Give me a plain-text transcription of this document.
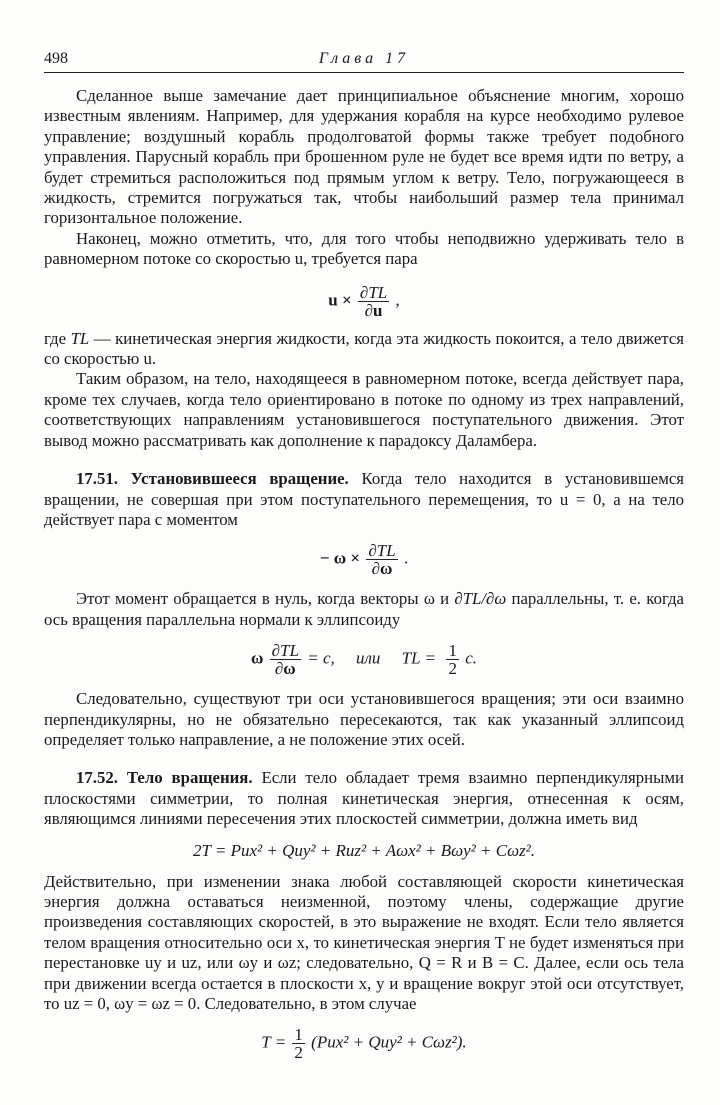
498	Глава 17

Сделанное выше замечание дает принципиальное объяснение многим, хорошо известным явлениям. Например, для удержания корабля на курсе необходимо рулевое управление; воздушный корабль продолговатой формы также требует подобного управления. Парусный корабль при брошенном руле не будет все время идти по ветру, а будет стремиться расположиться под прямым углом к ветру. Тело, погружающееся в жидкость, стремится погружаться так, чтобы наибольший размер тела принимал горизонтальное положение.

Наконец, можно отметить, что, для того чтобы неподвижно удерживать тело в равномерном потоке со скоростью u, требуется пара

$u \times \frac{\partial TL}{\partial u}$ ,

где TL — кинетическая энергия жидкости, когда эта жидкость покоится, а тело движется со скоростью u.

Таким образом, на тело, находящееся в равномерном потоке, всегда действует пара, кроме тех случаев, когда тело ориентировано в потоке по одному из трех направлений, соответствующих направлениям установившегося поступательного движения. Этот вывод можно рассматривать как дополнение к парадоксу Даламбера.

17.51. Установившееся вращение. Когда тело находится в установившемся вращении, не совершая при этом поступательного перемещения, то u = 0, а на тело действует пара с моментом

− $\omega \times \frac{\partial TL}{\partial\omega}$ .

Этот момент обращается в нуль, когда векторы ω и ∂TL/∂ω параллельны, т. е. когда ось вращения параллельна нормали к эллипсоиду

ω $\frac{\partial TL}{\partial\omega} = c$,     или     TL = $\frac{1}{2} c$.

Следовательно, существуют три оси установившегося вращения; эти оси взаимно перпендикулярны, но не обязательно пересекаются, так как указанный эллипсоид определяет только направление, а не положение этих осей.

17.52. Тело вращения. Если тело обладает тремя взаимно перпендикулярными плоскостями симметрии, то полная кинетическая энергия, отнесенная к осям, являющимся линиями пересечения этих плоскостей симметрии, должна иметь вид

2T = Pux² + Quy² + Ruz² + Aωx² + Bωy² + Cωz².

Действительно, при изменении знака любой составляющей скорости кинетическая энергия должна оставаться неизменной, поэтому члены, содержащие другие произведения составляющих скоростей, в это выражение не входят. Если тело является телом вращения относительно оси x, то кинетическая энергия T не будет изменяться при перестановке uy и uz, или ωy и ωz; следовательно, Q = R и B = C. Далее, если ось тела при движении всегда остается в плоскости x, y и вращение вокруг этой оси отсутствует, то uz = 0, ωy = ωz = 0. Следовательно, в этом случае

$T = \frac{1}{2} (Pux^2 + Quy^2 + C\omega z^2)$.
